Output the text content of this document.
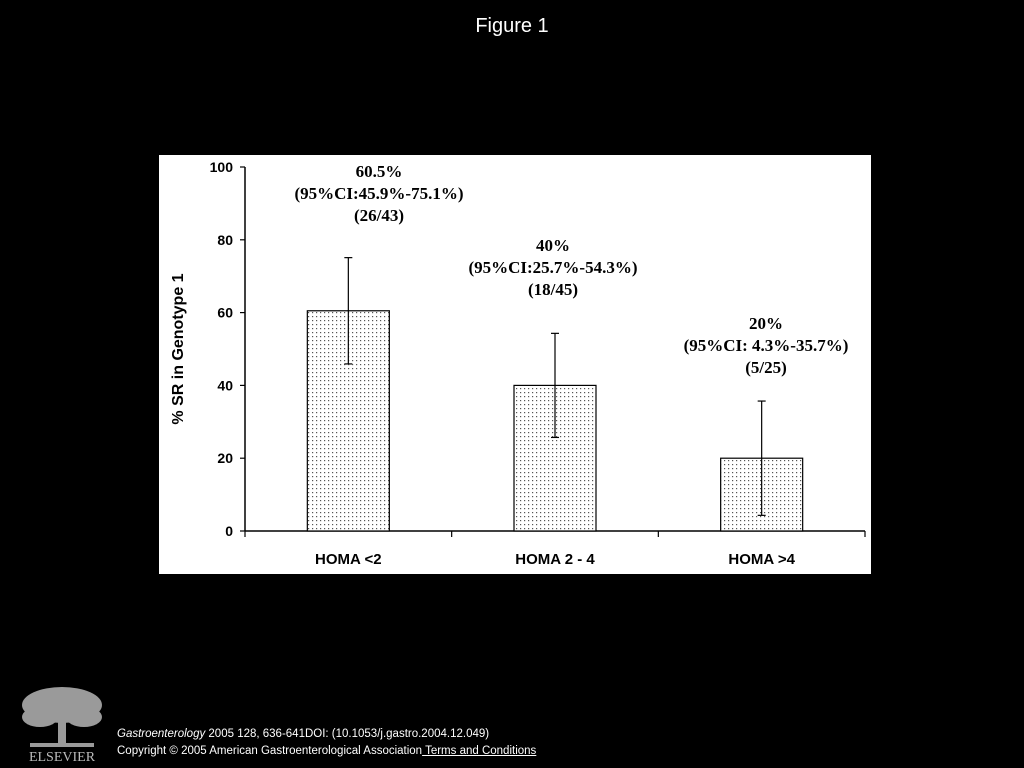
Figure 1
0
20
40
60
80
100
% SR in Genotype 1
HOMA <2	HOMA 2 - 4	HOMA >4
60.5%
(95%CI:45.9%-75.1%)
(26/43)
40%
(95%CI:25.7%-54.3%)
(18/45)
20%
(95%CI: 4.3%-35.7%)
(5/25)
ELSEVIER
Gastroenterology 2005 128, 636-641DOI: (10.1053/j.gastro.2004.12.049)
Copyright © 2005 American Gastroenterological Association Terms and Conditions
